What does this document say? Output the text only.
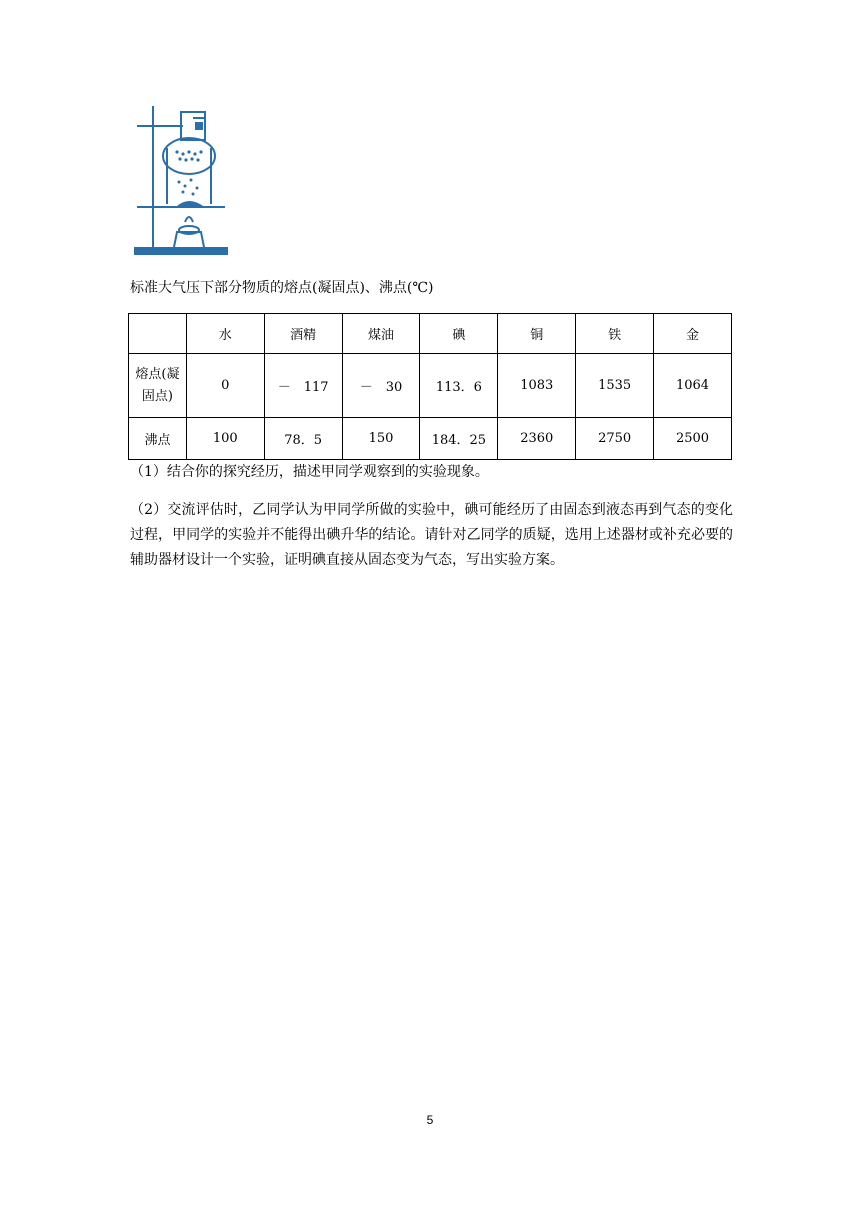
标准大气压下部分物质的熔点(凝固点)、沸点(℃)
	水	酒精	煤油	碘	铜	铁	金
熔点(凝固点)	0	－　117	－　30	113．6	1083	1535	1064
沸点	100	78．5	150	184．25	2360	2750	2500
（1）结合你的探究经历，描述甲同学观察到的实验现象。
（2）交流评估时，乙同学认为甲同学所做的实验中，碘可能经历了由固态到液态再到气态的变化过程，甲同学的实验并不能得出碘升华的结论。请针对乙同学的质疑，选用上述器材或补充必要的辅助器材设计一个实验，证明碘直接从固态变为气态，写出实验方案。
5
